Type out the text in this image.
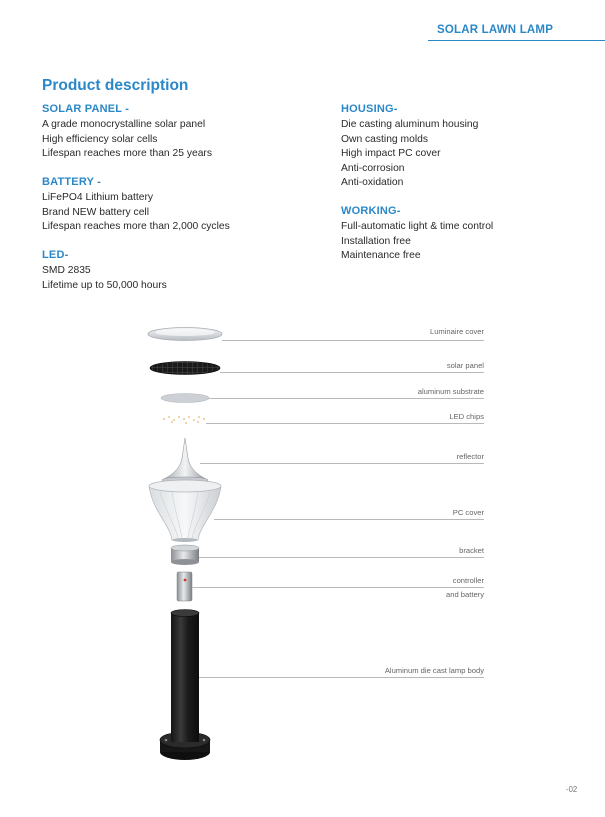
SOLAR LAWN LAMP
Product description
SOLAR PANEL -
A grade monocrystalline solar panel
High efficiency solar cells
Lifespan reaches more than 25 years
BATTERY -
LiFePO4 Lithium battery
Brand NEW battery cell
Lifespan reaches more than 2,000 cycles
LED-
SMD 2835
Lifetime up to 50,000 hours
HOUSING-
Die casting aluminum housing
Own casting molds
High impact PC cover
Anti-corrosion
Anti-oxidation
WORKING-
Full-automatic light & time control
Installation free
Maintenance free
Luminaire cover
solar panel
aluminum substrate
LED chips
reflector
PC cover
bracket
controller
and battery
Aluminum die cast lamp body
-02
